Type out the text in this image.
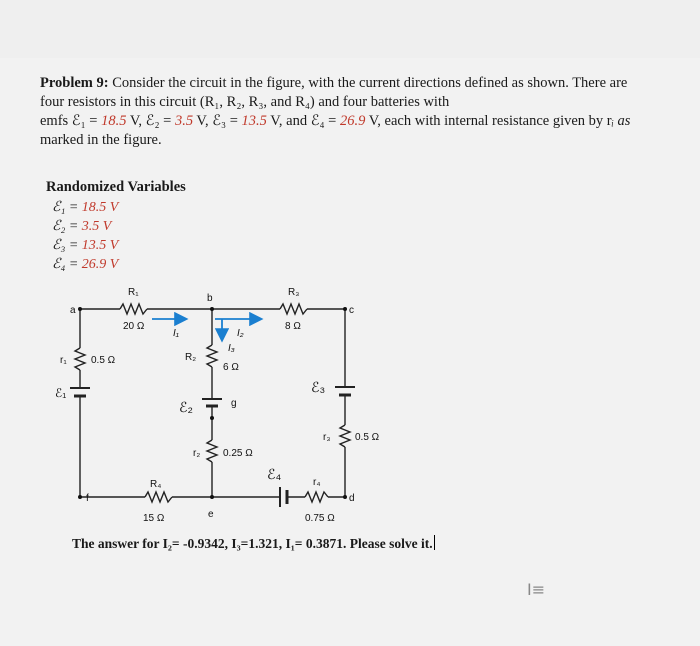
Problem 9: Consider the circuit in the figure, with the current directions defined as shown. There are
four resistors in this circuit (R₁, R₂, R₃, and R₄) and four batteries with
emfs ℰ₁ = 18.5 V, ℰ₂ = 3.5 V, ℰ₃ = 13.5 V, and ℰ₄ = 26.9 V, each with internal resistance given by rᵢ as
marked in the figure.
Randomized Variables
ℰ₁ = 18.5 V
ℰ₂ = 3.5 V
ℰ₃ = 13.5 V
ℰ₄ = 26.9 V
a
b
c
d
e
f
g
R₁
20 Ω
R₃
8 Ω
R₂
6 Ω
R₄
15 Ω
r₁ 0.5 Ω
r₂ 0.25 Ω
r₃ 0.5 Ω
r₄
0.75 Ω
ℰ₁
ℰ₂
ℰ₃
ℰ₄
I₁	I₂
I₃
The answer for I₂= -0.9342, I₃=1.321, I₁= 0.3871. Please solve it.
I≡
